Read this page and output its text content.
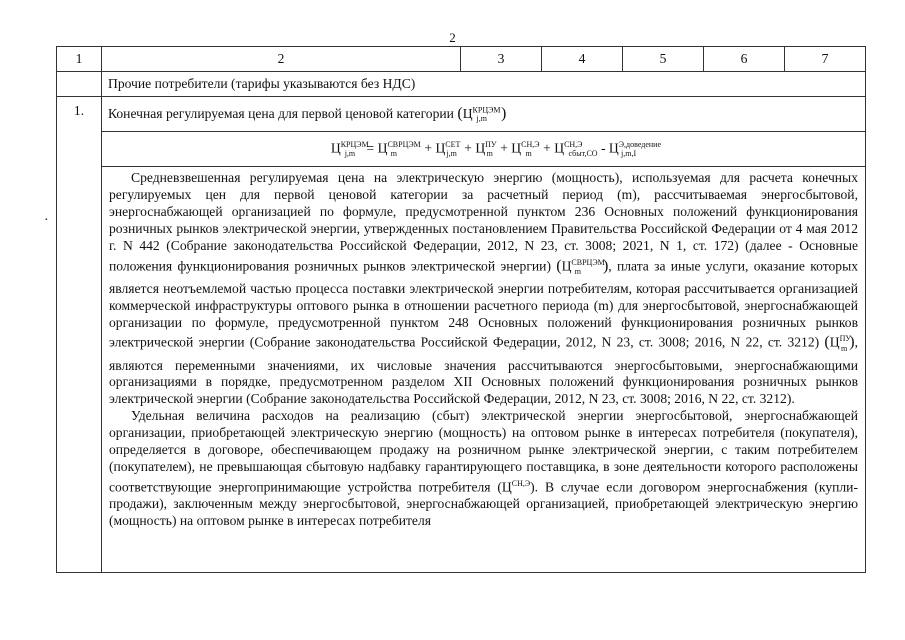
2
·
1	2	3	4	5	6	7
	Прочие потребители (тарифы указываются без НДС)					
1.	Конечная регулируемая цена для первой ценовой категории ($Ц^{КРЦЭМ}_{j,m}$ )					
	$Ц^{КРЦЭМ}_{j,m} = Ц^{СВРЦЭМ}_m + Ц^{СЕТ}_{j,m} + Ц^{ПУ}_m + Ц^{СН,Э}_m + Ц^{СН,Э}_{сбыт,СО} - Ц^{Э,доведение}_{j,m,I}$

	Средневзвешенная регулируемая цена на электрическую энергию (мощность), используемая для расчета конечных регулируемых цен для первой ценовой категории за расчетный период (m), рассчитываемая энергосбытовой, энергоснабжающей организацией по формуле, предусмотренной пунктом 236 Основных положений функционирования розничных рынков электрической энергии, утвержденных постановлением Правительства Российской Федерации от 4 мая 2012 г. N 442 (Собрание законодательства Российской Федерации, 2012, N 23, ст. 3008; 2021, N 1, ст. 172) (далее - Основные положения функционирования розничных рынков электрической энергии) ($Ц^{СВРЦЭМ}_m$ ), плата за иные услуги, оказание которых является неотъемлемой частью процесса поставки электрической энергии потребителям, которая рассчитывается организацией коммерческой инфраструктуры оптового рынка в отношении расчетного периода (m) для энергосбытовой, энергоснабжающей организации по формуле, предусмотренной пунктом 248 Основных положений функционирования розничных рынков электрической энергии (Собрание законодательства Российской Федерации, 2012, N 23, ст. 3008; 2016, N 22, ст. 3212) ($Ц^{ПУ}_m$ ), являются переменными значениями, их числовые значения рассчитываются энергосбытовыми, энергоснабжающими организациями в порядке, предусмотренном разделом XII Основных положений функционирования розничных рынков электрической энергии (Собрание законодательства Российской Федерации, 2012, N 23, ст. 3008; 2016, N 22, ст. 3212).

Удельная величина расходов на реализацию (сбыт) электрической энергии энергосбытовой, энергоснабжающей организации, приобретающей электрическую энергию (мощность) на оптовом рынке в интересах потребителя (покупателя), определяется в договоре, обеспечивающем продажу на розничном рынке электрической энергии, с таким потребителем (покупателем), не превышающая сбытовую надбавку гарантирующего поставщика, в зоне деятельности которого расположены соответствующие энергопринимающие устройства потребителя $(Ц^{СН,Э})$. В случае если договором энергоснабжения (купли-продажи), заключенным между энергосбытовой, энергоснабжающей организацией, приобретающей электрическую энергию (мощность) на оптовом рынке в интересах потребителя					
